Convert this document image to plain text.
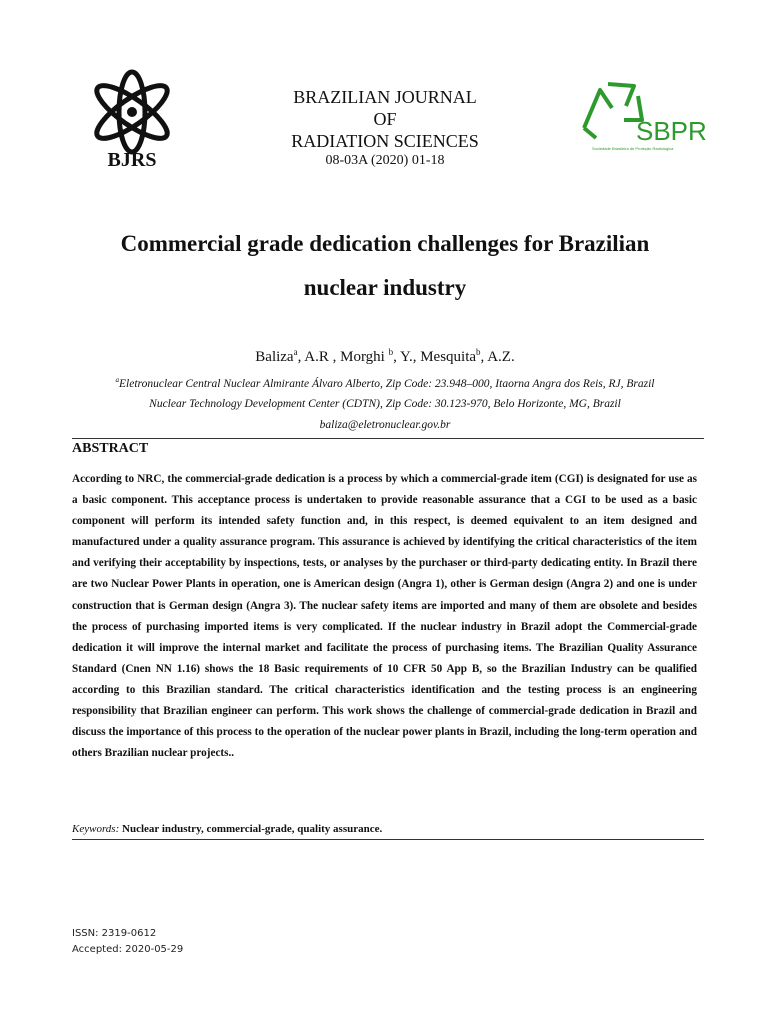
BJRS
BRAZILIAN JOURNAL
OF
RADIATION SCIENCES
08-03A (2020) 01-18
SBPR
Sociedade Brasileira de Proteção Radiológica
Commercial grade dedication challenges for Brazilian
nuclear industry
Baliza$^a$, A.R , Morghi $^b$, Y., Mesquita$^b$, A.Z.
$^a$Eletronuclear Central Nuclear Almirante Álvaro Alberto, Zip Code: 23.948–000, Itaorna Angra dos Reis, RJ, Brazil
Nuclear Technology Development Center (CDTN), Zip Code: 30.123-970, Belo Horizonte, MG, Brazil
baliza@eletronuclear.gov.br
ABSTRACT
According to NRC, the commercial-grade dedication is a process by which a commercial-grade item (CGI) is designated for use as a basic component. This acceptance process is undertaken to provide reasonable assurance that a CGI to be used as a basic component will perform its intended safety function and, in this respect, is deemed equivalent to an item designed and manufactured under a quality assurance program. This assurance is achieved by identifying the critical characteristics of the item and verifying their acceptability by inspections, tests, or analyses by the purchaser or third-party dedicating entity. In Brazil there are two Nuclear Power Plants in operation, one is American design (Angra 1), other is German design (Angra 2) and one is under construction that is German design (Angra 3). The nuclear safety items are imported and many of them are obsolete and besides the process of purchasing imported items is very complicated. If the nuclear industry in Brazil adopt the Commercial-grade dedication it will improve the internal market and facilitate the process of purchasing items. The Brazilian Quality Assurance Standard (Cnen NN 1.16) shows the 18 Basic requirements of 10 CFR 50 App B, so the Brazilian Industry can be qualified according to this Brazilian standard. The critical characteristics identification and the testing process is an engineering responsibility that Brazilian engineer can perform. This work shows the challenge of commercial-grade dedication in Brazil and discuss the importance of this process to the operation of the nuclear power plants in Brazil, including the long-term operation and others Brazilian nuclear projects..
Keywords: Nuclear industry, commercial-grade, quality assurance.
ISSN: 2319-0612
Accepted: 2020-05-29
